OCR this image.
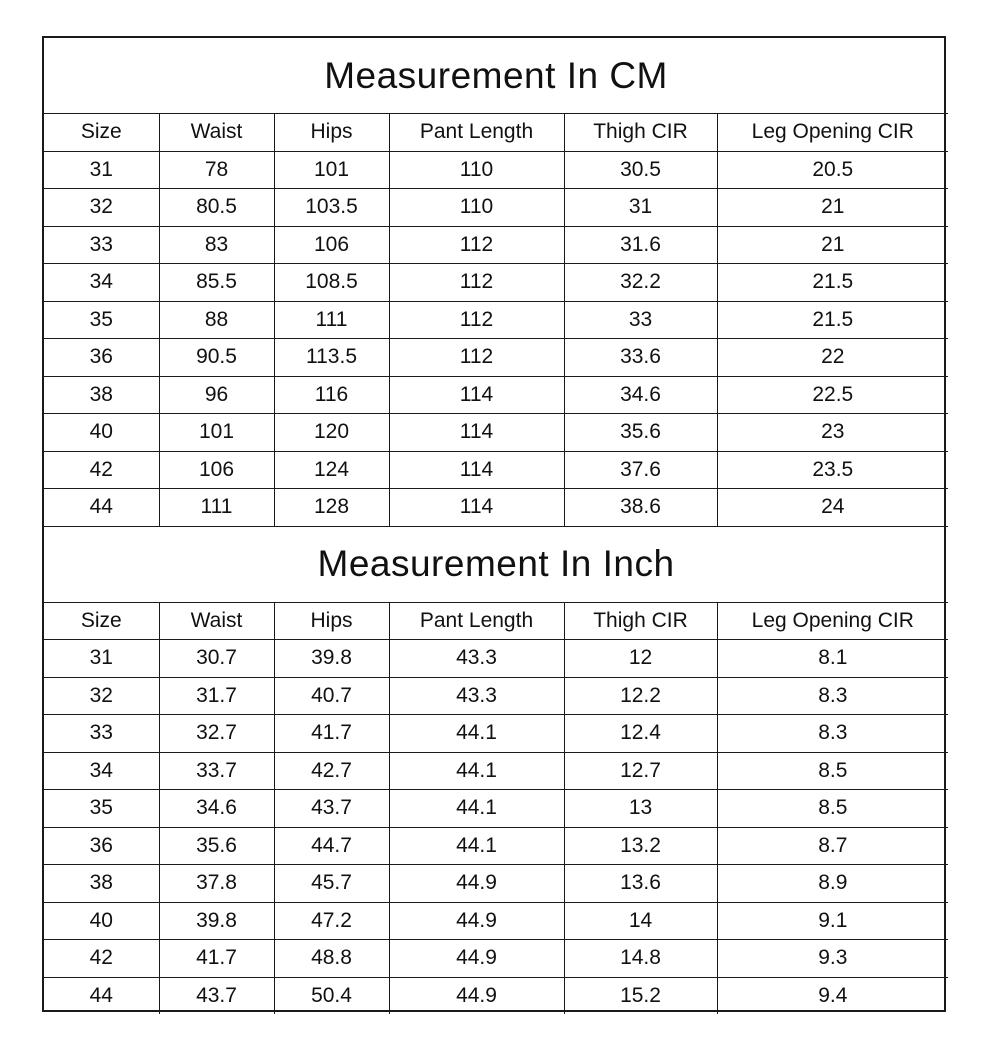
Measurement In CM					
Size	Waist	Hips	Pant Length	Thigh CIR	Leg Opening CIR
31	78	101	110	30.5	20.5
32	80.5	103.5	110	31	21
33	83	106	112	31.6	21
34	85.5	108.5	112	32.2	21.5
35	88	111	112	33	21.5
36	90.5	113.5	112	33.6	22
38	96	116	114	34.6	22.5
40	101	120	114	35.6	23
42	106	124	114	37.6	23.5
44	111	128	114	38.6	24
Measurement In Inch					
Size	Waist	Hips	Pant Length	Thigh CIR	Leg Opening CIR
31	30.7	39.8	43.3	12	8.1
32	31.7	40.7	43.3	12.2	8.3
33	32.7	41.7	44.1	12.4	8.3
34	33.7	42.7	44.1	12.7	8.5
35	34.6	43.7	44.1	13	8.5
36	35.6	44.7	44.1	13.2	8.7
38	37.8	45.7	44.9	13.6	8.9
40	39.8	47.2	44.9	14	9.1
42	41.7	48.8	44.9	14.8	9.3
44	43.7	50.4	44.9	15.2	9.4
